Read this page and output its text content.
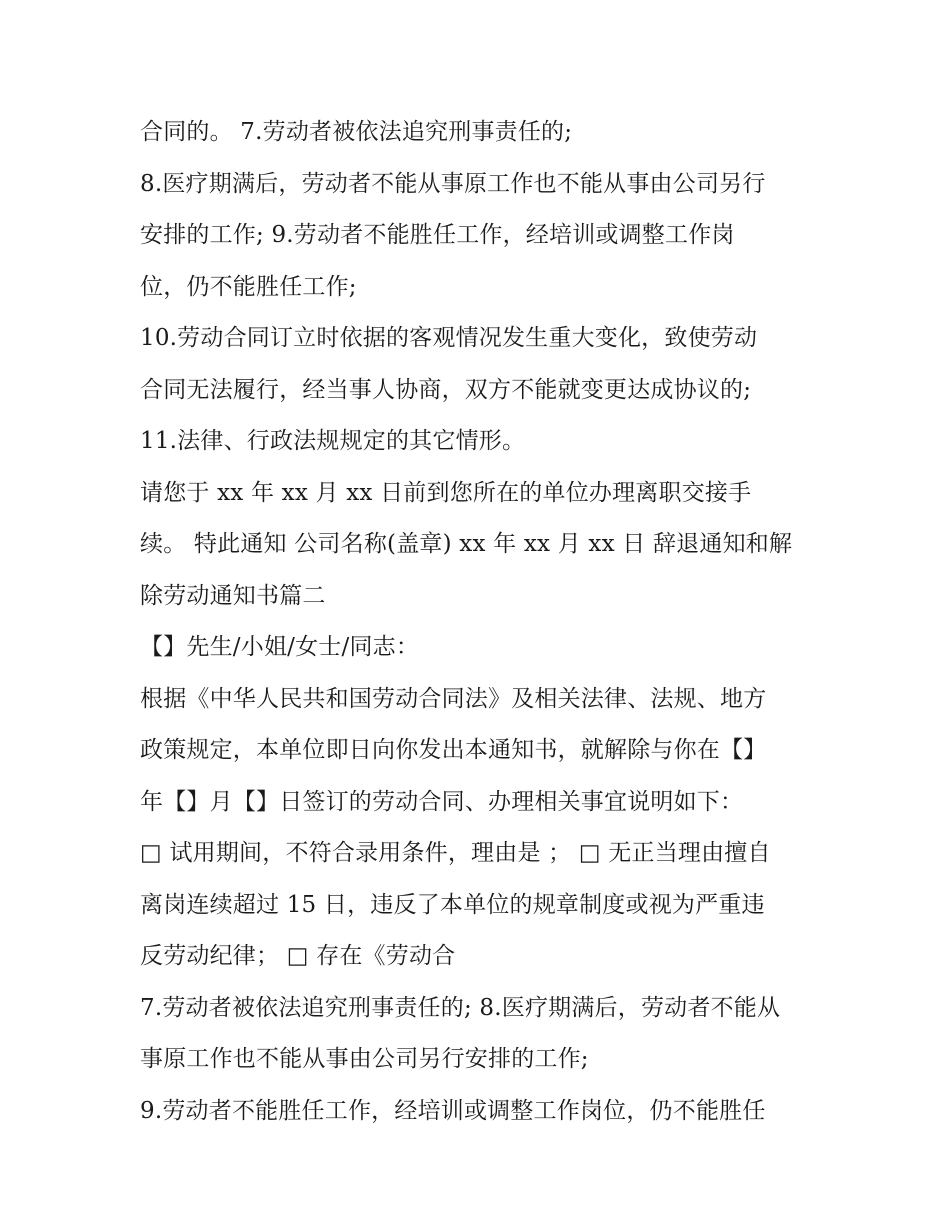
合同的。 7.劳动者被依法追究刑事责任的;
8.医疗期满后，劳动者不能从事原工作也不能从事由公司另行
安排的工作; 9.劳动者不能胜任工作，经培训或调整工作岗
位，仍不能胜任工作;
10.劳动合同订立时依据的客观情况发生重大变化，致使劳动
合同无法履行，经当事人协商，双方不能就变更达成协议的;
11.法律、行政法规规定的其它情形。
请您于 xx 年 xx 月 xx 日前到您所在的单位办理离职交接手
续。 特此通知 公司名称(盖章) xx 年 xx 月 xx 日 辞退通知和解
除劳动通知书篇二
【】先生/小姐/女士/同志：
根据《中华人民共和国劳动合同法》及相关法律、法规、地方
政策规定，本单位即日向你发出本通知书，就解除与你在【】
年【】月【】日签订的劳动合同、办理相关事宜说明如下：
□ 试用期间，不符合录用条件，理由是 ； □ 无正当理由擅自
离岗连续超过 15 日，违反了本单位的规章制度或视为严重违
反劳动纪律； □ 存在《劳动合
7.劳动者被依法追究刑事责任的; 8.医疗期满后，劳动者不能从
事原工作也不能从事由公司另行安排的工作;
9.劳动者不能胜任工作，经培训或调整工作岗位，仍不能胜任
